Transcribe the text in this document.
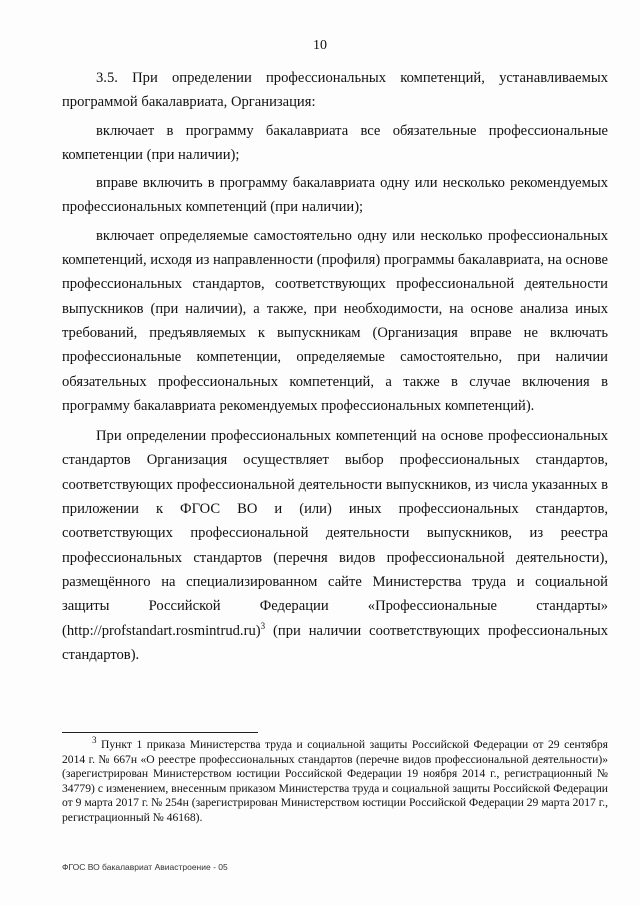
10

3.5. При определении профессиональных компетенций, устанавливаемых программой бакалавриата, Организация:

включает в программу бакалавриата все обязательные профессиональные компетенции (при наличии);

вправе включить в программу бакалавриата одну или несколько рекомендуемых профессиональных компетенций (при наличии);

включает определяемые самостоятельно одну или несколько профессиональных компетенций, исходя из направленности (профиля) программы бакалавриата, на основе профессиональных стандартов, соответствующих профессиональной деятельности выпускников (при наличии), а также, при необходимости, на основе анализа иных требований, предъявляемых к выпускникам (Организация вправе не включать профессиональные компетенции, определяемые самостоятельно, при наличии обязательных профессиональных компетенций, а также в случае включения в программу бакалавриата рекомендуемых профессиональных компетенций).

При определении профессиональных компетенций на основе профессиональных стандартов Организация осуществляет выбор профессиональных стандартов, соответствующих профессиональной деятельности выпускников, из числа указанных в приложении к ФГОС ВО и (или) иных профессиональных стандартов, соответствующих профессиональной деятельности выпускников, из реестра профессиональных стандартов (перечня видов профессиональной деятельности), размещённого на специализированном сайте Министерства труда и социальной защиты Российской Федерации «Профессиональные стандарты» (http://profstandart.rosmintrud.ru)$^3$ (при наличии соответствующих профессиональных стандартов).

$^3$ Пункт 1 приказа Министерства труда и социальной защиты Российской Федерации от 29 сентября 2014 г. № 667н «О реестре профессиональных стандартов (перечне видов профессиональной деятельности)» (зарегистрирован Министерством юстиции Российской Федерации 19 ноября 2014 г., регистрационный № 34779) с изменением, внесенным приказом Министерства труда и социальной защиты Российской Федерации от 9 марта 2017 г. № 254н (зарегистрирован Министерством юстиции Российской Федерации 29 марта 2017 г., регистрационный № 46168).

ФГОС ВО бакалавриат Авиастроение - 05
